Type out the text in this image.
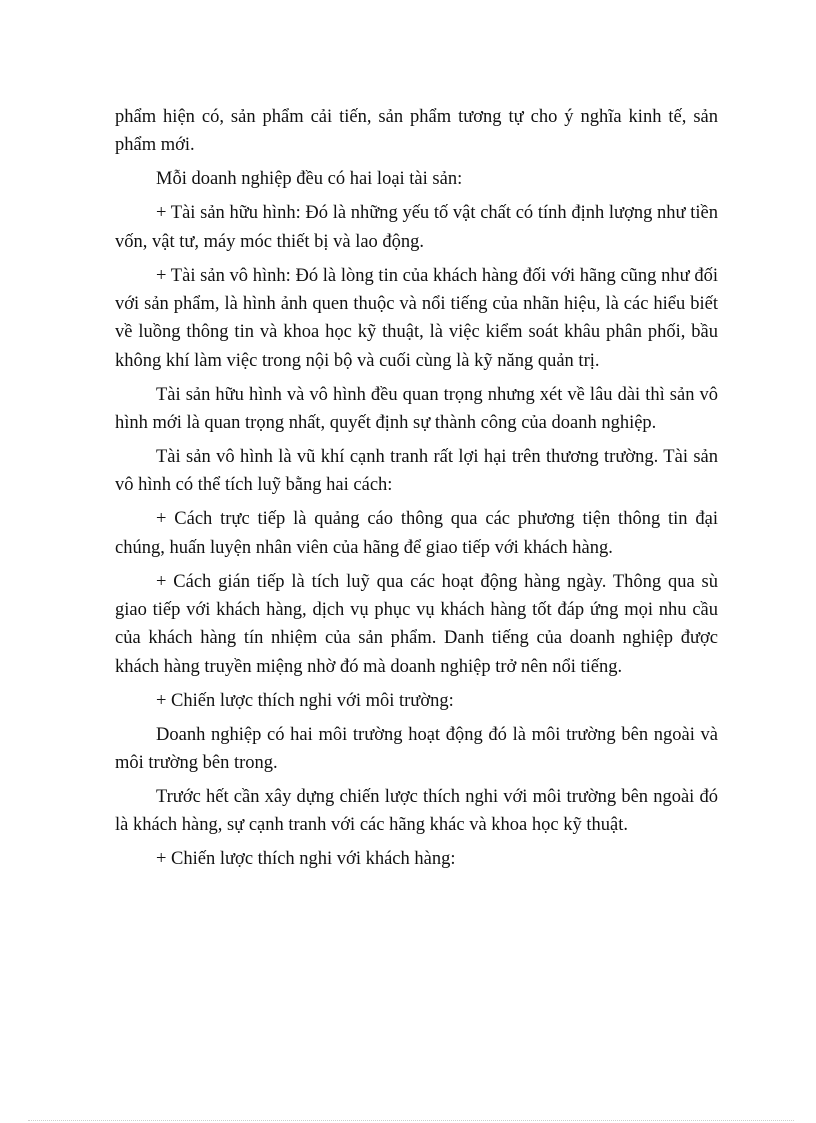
phẩm hiện có, sản phẩm cải tiến, sản phẩm tương tự cho ý nghĩa kinh tế, sản phẩm mới.

Mỗi doanh nghiệp đều có hai loại tài sản:

+ Tài sản hữu hình: Đó là những yếu tố vật chất có tính định lượng như tiền vốn, vật tư, máy móc thiết bị và lao động.

+ Tài sản vô hình: Đó là lòng tin của khách hàng đối với hãng cũng như đối với sản phẩm, là hình ảnh quen thuộc và nổi tiếng của nhãn hiệu, là các hiểu biết về luồng thông tin và khoa học kỹ thuật, là việc kiểm soát khâu phân phối, bầu không khí làm việc trong nội bộ và cuối cùng là kỹ năng quản trị.

Tài sản hữu hình và vô hình đều quan trọng nhưng xét về lâu dài thì sản vô hình mới là quan trọng nhất, quyết định sự thành công của doanh nghiệp.

Tài sản vô hình là vũ khí cạnh tranh rất lợi hại trên thương trường. Tài sản vô hình có thể tích luỹ bằng hai cách:

+ Cách trực tiếp là quảng cáo thông qua các phương tiện thông tin đại chúng, huấn luyện nhân viên của hãng để giao tiếp với khách hàng.

+ Cách gián tiếp là tích luỹ qua các hoạt động hàng ngày. Thông qua sù giao tiếp với khách hàng, dịch vụ phục vụ khách hàng tốt đáp ứng mọi nhu cầu của khách hàng tín nhiệm của sản phẩm. Danh tiếng của doanh nghiệp được khách hàng truyền miệng nhờ đó mà doanh nghiệp trở nên nổi tiếng.

+ Chiến lược thích nghi với môi trường:

Doanh nghiệp có hai môi trường hoạt động đó là môi trường bên ngoài và môi trường bên trong.

Trước hết cần xây dựng chiến lược thích nghi với môi trường bên ngoài đó là khách hàng, sự cạnh tranh với các hãng khác và khoa học kỹ thuật.

+ Chiến lược thích nghi với khách hàng:
